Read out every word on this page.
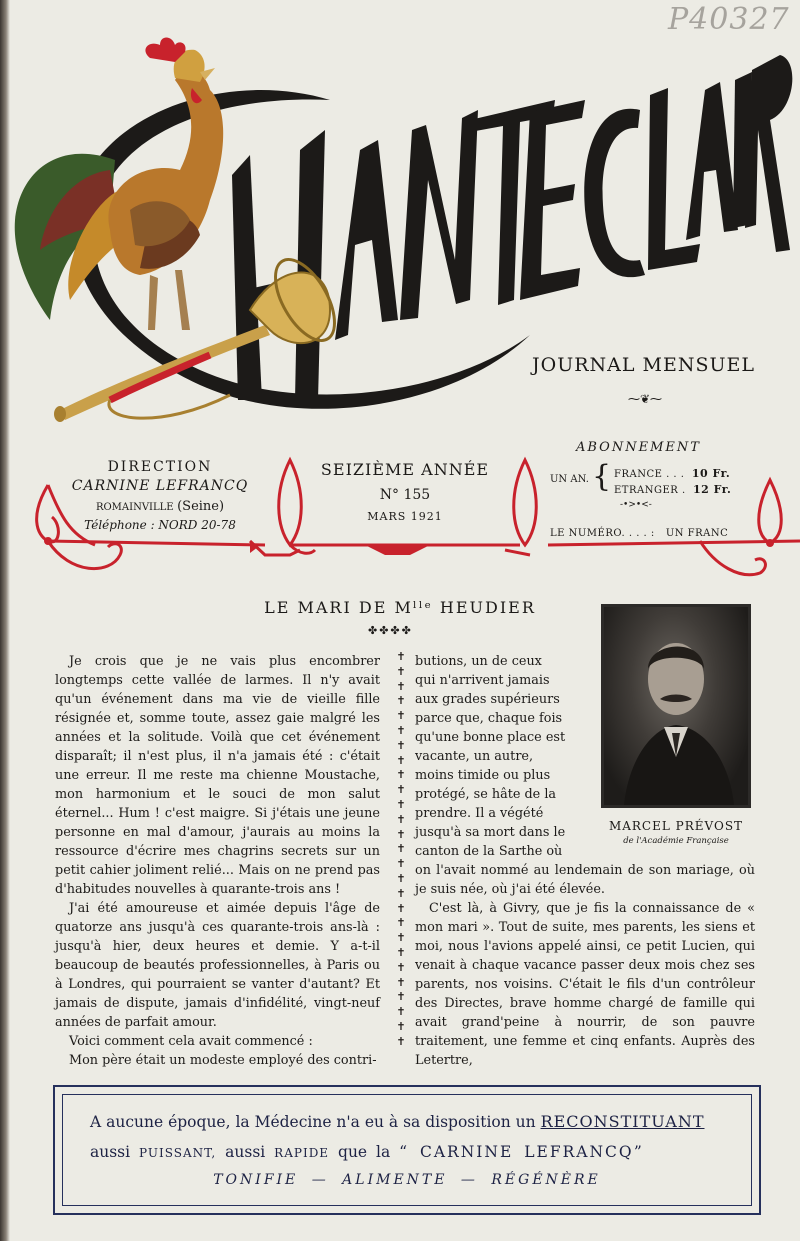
P40327
JOURNAL MENSUEL
⁓❦⁓
DIRECTION
CARNINE LEFRANCQ
ROMAINVILLE (Seine)
Téléphone : NORD 20-78
SEIZIÈME ANNÉE
N° 155
MARS 1921
ABONNEMENT
UN AN. { FRANCE . . . 10 Fr.
ETRANGER . 12 Fr.
-•>•<-
LE NUMÉRO. . . . :   UN FRANC
LE MARI DE Mˡˡᵉ HEUDIER
✤✤✤✤

Je crois que je ne vais plus encombrer longtemps cette vallée de larmes. Il n'y avait qu'un événement dans ma vie de vieille fille résignée et, somme toute, assez gaie malgré les années et la solitude. Voilà que cet événement disparaît; il n'est plus, il n'a jamais été : c'était une erreur. Il me reste ma chienne Moustache, mon harmonium et le souci de mon salut éternel... Hum ! c'est maigre. Si j'étais une jeune personne en mal d'amour, j'aurais au moins la ressource d'écrire mes chagrins secrets sur un petit cahier joliment relié... Mais on ne prend pas d'habitudes nouvelles à quarante-trois ans !

J'ai été amoureuse et aimée depuis l'âge de quatorze ans jusqu'à ces quarante-trois ans-là : jusqu'à hier, deux heures et demie. Y a-t-il beaucoup de beautés professionnelles, à Paris ou à Londres, qui pourraient se vanter d'autant? Et jamais de dispute, jamais d'infidélité, vingt-neuf années de parfait amour.

Voici comment cela avait commencé :

Mon père était un modeste employé des contri-

✝
✝
✝
✝
✝
✝
✝
✝
✝
✝
✝
✝
✝
✝
✝
✝
✝
✝
✝
✝
✝
✝
✝
✝
✝
✝
✝
butions, un de ceux
qui n'arrivent jamais
aux grades supérieurs
parce que, chaque fois
qu'une bonne place est
vacante, un autre,
moins timide ou plus
protégé, se hâte de la
prendre. Il a végété
jusqu'à sa mort dans le
canton de la Sarthe où
MARCEL PRÉVOST
de l'Académie Française

on l'avait nommé au lendemain de son mariage, où je suis née, où j'ai été élevée.

C'est là, à Givry, que je fis la connaissance de « mon mari ». Tout de suite, mes parents, les siens et moi, nous l'avions appelé ainsi, ce petit Lucien, qui venait à chaque vacance passer deux mois chez ses parents, nos voisins. C'était le fils d'un contrôleur des Directes, brave homme chargé de famille qui avait grand'peine à nourrir, de son pauvre traitement, une femme et cinq enfants. Auprès des Letertre,

A aucune époque, la Médecine n'a eu à sa disposition un RECONSTITUANT
aussi PUISSANT, aussi RAPIDE que la “ CARNINE LEFRANCQ”
TONIFIE — ALIMENTE — RÉGÉNÈRE
